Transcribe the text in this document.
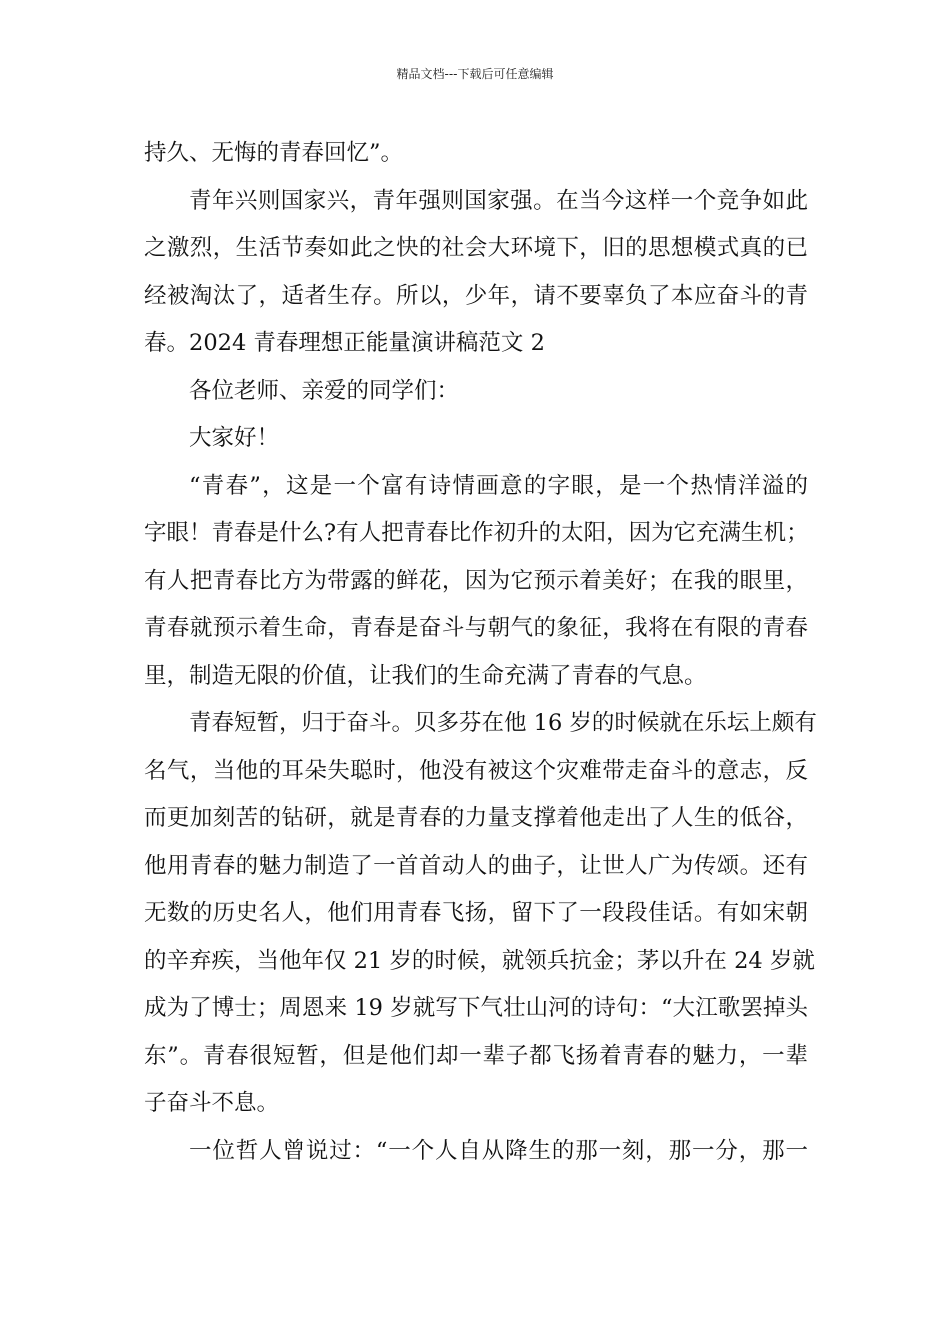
精品文档---下载后可任意编辑
持久、无悔的青春回忆”。
青年兴则国家兴，青年强则国家强。在当今这样一个竞争如此
之激烈，生活节奏如此之快的社会大环境下，旧的思想模式真的已
经被淘汰了，适者生存。所以，少年，请不要辜负了本应奋斗的青
春。2024 青春理想正能量演讲稿范文 2
各位老师、亲爱的同学们：
大家好！
“青春”，这是一个富有诗情画意的字眼，是一个热情洋溢的
字眼！青春是什么?有人把青春比作初升的太阳，因为它充满生机；
有人把青春比方为带露的鲜花，因为它预示着美好；在我的眼里，
青春就预示着生命，青春是奋斗与朝气的象征，我将在有限的青春
里，制造无限的价值，让我们的生命充满了青春的气息。
青春短暂，归于奋斗。贝多芬在他 16 岁的时候就在乐坛上颇有
名气，当他的耳朵失聪时，他没有被这个灾难带走奋斗的意志，反
而更加刻苦的钻研，就是青春的力量支撑着他走出了人生的低谷，
他用青春的魅力制造了一首首动人的曲子，让世人广为传颂。还有
无数的历史名人，他们用青春飞扬，留下了一段段佳话。有如宋朝
的辛弃疾，当他年仅 21 岁的时候，就领兵抗金；茅以升在 24 岁就
成为了博士；周恩来 19 岁就写下气壮山河的诗句：“大江歌罢掉头
东”。青春很短暂，但是他们却一辈子都飞扬着青春的魅力，一辈
子奋斗不息。
一位哲人曾说过：“一个人自从降生的那一刻，那一分，那一
